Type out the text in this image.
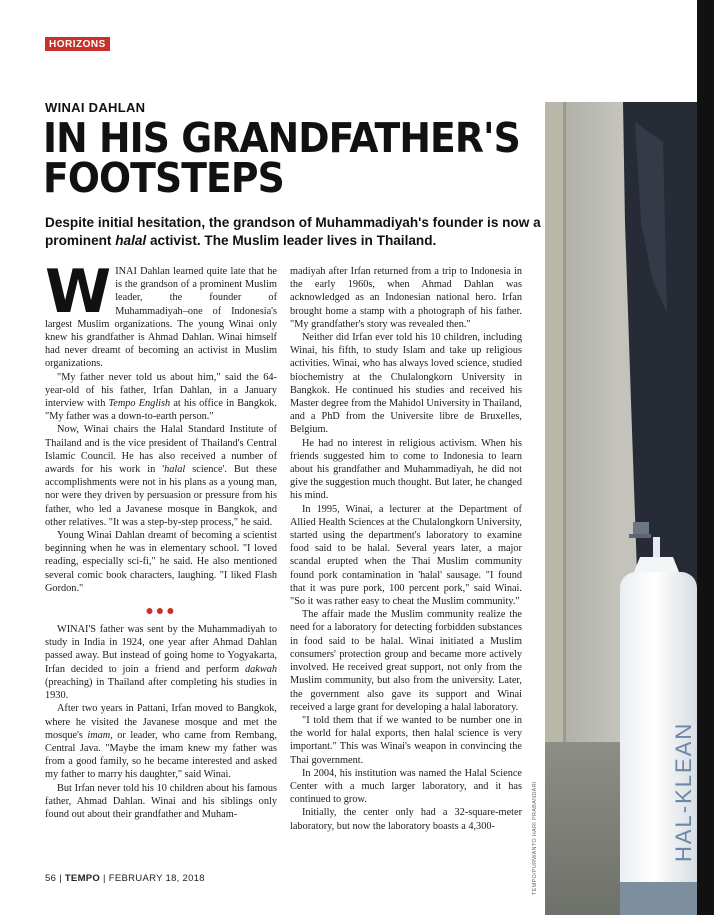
HORIZONS
WINAI DAHLAN
IN HIS GRANDFATHER'S FOOTSTEPS
Despite initial hesitation, the grandson of Muhammadiyah's founder is now a prominent halal activist. The Muslim leader lives in Thailand.

WINAI Dahlan learned quite late that he is the grandson of a prominent Muslim leader, the founder of Muhammadiyah–one of Indonesia's largest Muslim organizations. The young Winai only knew his grandfather is Ahmad Dahlan. Winai himself had never dreamt of becoming an activist in Muslim organizations.

"My father never told us about him," said the 64-year-old of his father, Irfan Dahlan, in a January interview with Tempo English at his office in Bangkok. "My father was a down-to-earth person."

Now, Winai chairs the Halal Standard Institute of Thailand and is the vice president of Thailand's Central Islamic Council. He has also received a number of awards for his work in 'halal science'. But these accomplishments were not in his plans as a young man, nor were they driven by persuasion or pressure from his father, who led a Javanese mosque in Bangkok, and other relatives. "It was a step-by-step process," he said.

Young Winai Dahlan dreamt of becoming a scientist beginning when he was in elementary school. "I loved reading, especially sci-fi," he said. He also mentioned several comic book characters, laughing. "I liked Flash Gordon."

●●●

WINAI'S father was sent by the Muhammadiyah to study in India in 1924, one year after Ahmad Dahlan passed away. But instead of going home to Yogyakarta, Irfan decided to join a friend and perform dakwah (preaching) in Thailand after completing his studies in 1930.

After two years in Pattani, Irfan moved to Bangkok, where he visited the Javanese mosque and met the mosque's imam, or leader, who came from Rembang, Central Java. "Maybe the imam knew my father was from a good family, so he became interested and asked my father to marry his daughter," said Winai.

But Irfan never told his 10 children about his famous father, Ahmad Dahlan. Winai and his siblings only found out about their grandfather and Muham-

madiyah after Irfan returned from a trip to Indonesia in the early 1960s, when Ahmad Dahlan was acknowledged as an Indonesian national hero. Irfan brought home a stamp with a photograph of his father. "My grandfather's story was revealed then."

Neither did Irfan ever told his 10 children, including Winai, his fifth, to study Islam and take up religious activities. Winai, who has always loved science, studied biochemistry at the Chulalongkorn University in Bangkok. He continued his studies and received his Master degree from the Mahidol University in Thailand, and a PhD from the Universite libre de Bruxelles, Belgium.

He had no interest in religious activism. When his friends suggested him to come to Indonesia to learn about his grandfather and Muhammadiyah, he did not give the suggestion much thought. But later, he changed his mind.

In 1995, Winai, a lecturer at the Department of Allied Health Sciences at the Chulalongkorn University, started using the department's laboratory to examine food said to be halal. Several years later, a major scandal erupted when the Thai Muslim community found pork contamination in 'halal' sausage. "I found that it was pure pork, 100 percent pork," said Winai. "So it was rather easy to cheat the Muslim community."

The affair made the Muslim community realize the need for a laboratory for detecting forbidden substances in food said to be halal. Winai initiated a Muslim consumers' protection group and became more actively involved. He received great support, not only from the Muslim community, but also from the university. Later, the government also gave its support and Winai received a large grant for developing a halal laboratory.

"I told them that if we wanted to be number one in the world for halal exports, then halal science is very important." This was Winai's weapon in convincing the Thai government.

In 2004, his institution was named the Halal Science Center with a much larger laboratory, and it has continued to grow.

Initially, the center only had a 32-square-meter laboratory, but now the laboratory boasts a 4,300-	TEMPO/PURWANTO HARI PRABANDARI	HAL-KLEAN
56 | TEMPO | FEBRUARY 18, 2018
